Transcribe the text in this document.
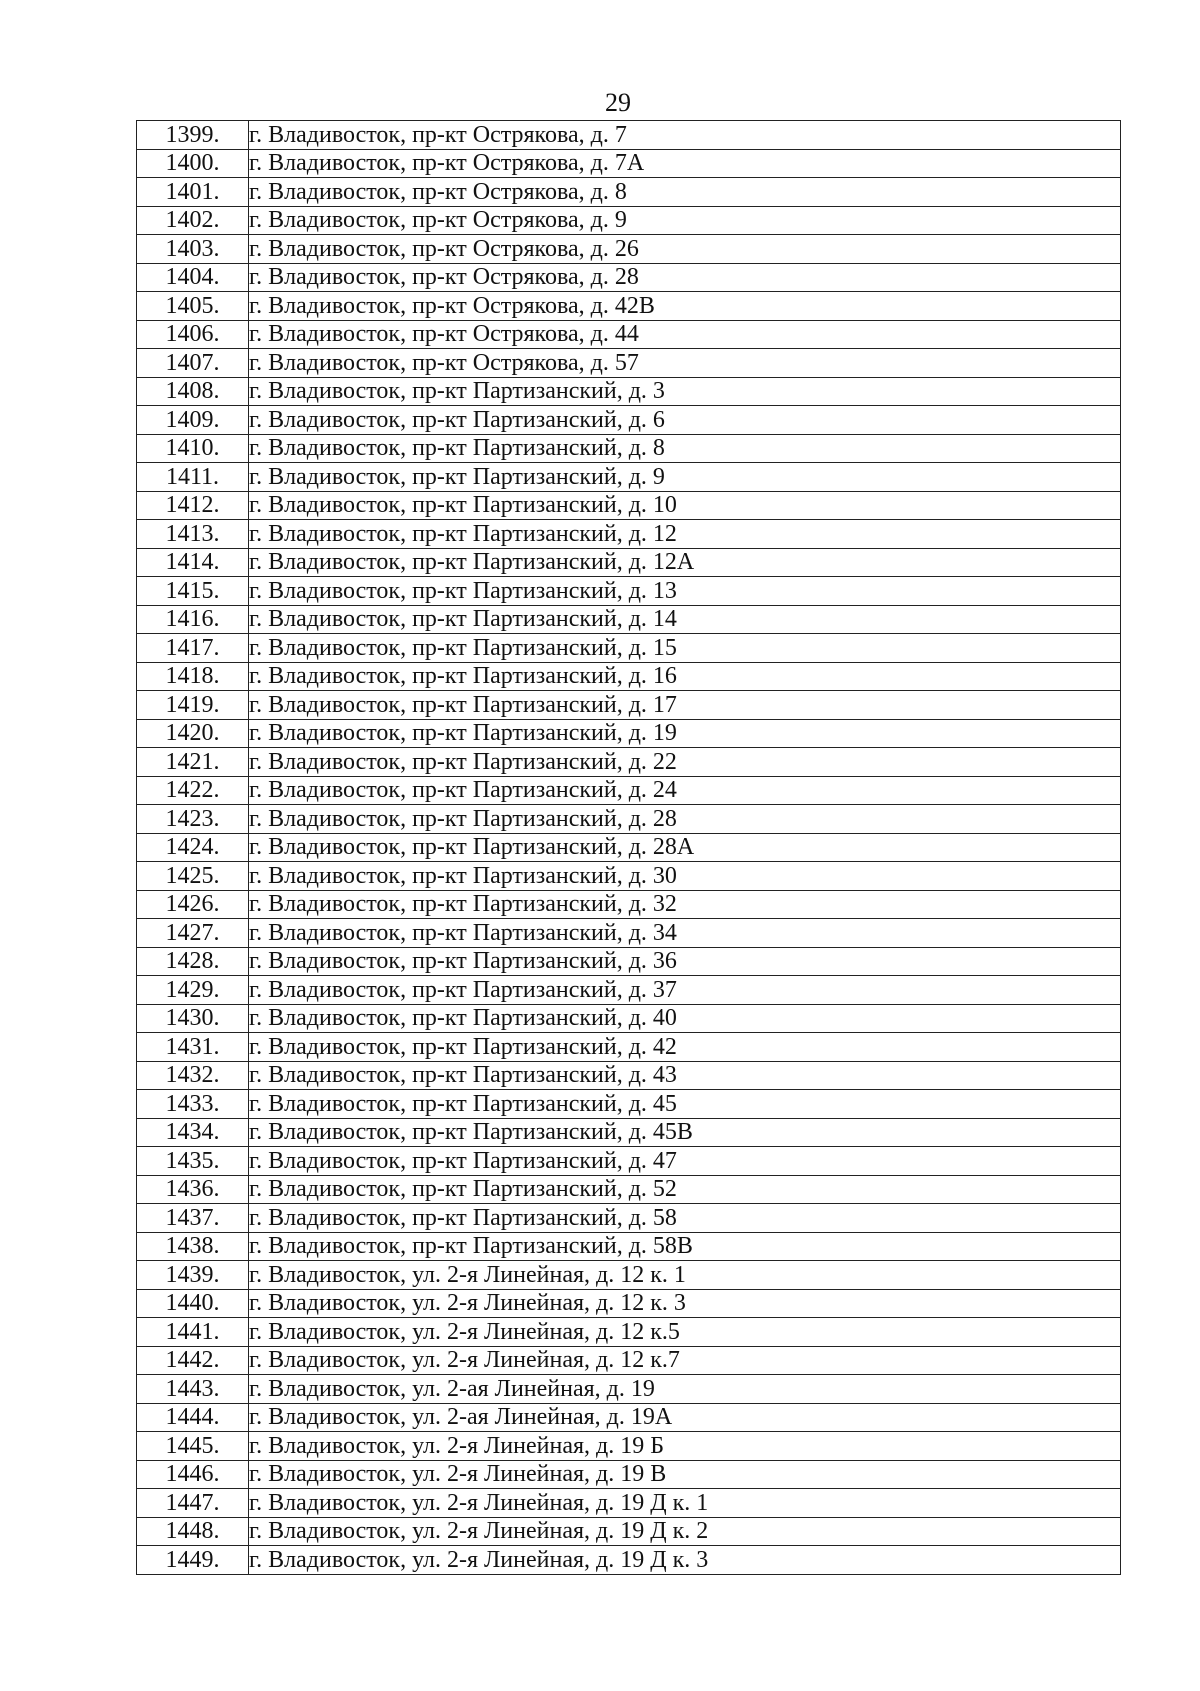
29
1399.	г. Владивосток, пр-кт Острякова, д. 7
1400.	г. Владивосток, пр-кт Острякова, д. 7А
1401.	г. Владивосток, пр-кт Острякова, д. 8
1402.	г. Владивосток, пр-кт Острякова, д. 9
1403.	г. Владивосток, пр-кт Острякова, д. 26
1404.	г. Владивосток, пр-кт Острякова, д. 28
1405.	г. Владивосток, пр-кт Острякова, д. 42В
1406.	г. Владивосток, пр-кт Острякова, д. 44
1407.	г. Владивосток, пр-кт Острякова, д. 57
1408.	г. Владивосток, пр-кт Партизанский, д. 3
1409.	г. Владивосток, пр-кт Партизанский, д. 6
1410.	г. Владивосток, пр-кт Партизанский, д. 8
1411.	г. Владивосток, пр-кт Партизанский, д. 9
1412.	г. Владивосток, пр-кт Партизанский, д. 10
1413.	г. Владивосток, пр-кт Партизанский, д. 12
1414.	г. Владивосток, пр-кт Партизанский, д. 12А
1415.	г. Владивосток, пр-кт Партизанский, д. 13
1416.	г. Владивосток, пр-кт Партизанский, д. 14
1417.	г. Владивосток, пр-кт Партизанский, д. 15
1418.	г. Владивосток, пр-кт Партизанский, д. 16
1419.	г. Владивосток, пр-кт Партизанский, д. 17
1420.	г. Владивосток, пр-кт Партизанский, д. 19
1421.	г. Владивосток, пр-кт Партизанский, д. 22
1422.	г. Владивосток, пр-кт Партизанский, д. 24
1423.	г. Владивосток, пр-кт Партизанский, д. 28
1424.	г. Владивосток, пр-кт Партизанский, д. 28А
1425.	г. Владивосток, пр-кт Партизанский, д. 30
1426.	г. Владивосток, пр-кт Партизанский, д. 32
1427.	г. Владивосток, пр-кт Партизанский, д. 34
1428.	г. Владивосток, пр-кт Партизанский, д. 36
1429.	г. Владивосток, пр-кт Партизанский, д. 37
1430.	г. Владивосток, пр-кт Партизанский, д. 40
1431.	г. Владивосток, пр-кт Партизанский, д. 42
1432.	г. Владивосток, пр-кт Партизанский, д. 43
1433.	г. Владивосток, пр-кт Партизанский, д. 45
1434.	г. Владивосток, пр-кт Партизанский, д. 45В
1435.	г. Владивосток, пр-кт Партизанский, д. 47
1436.	г. Владивосток, пр-кт Партизанский, д. 52
1437.	г. Владивосток, пр-кт Партизанский, д. 58
1438.	г. Владивосток, пр-кт Партизанский, д. 58В
1439.	г. Владивосток, ул. 2-я Линейная, д. 12 к. 1
1440.	г. Владивосток, ул. 2-я Линейная, д. 12 к. 3
1441.	г. Владивосток, ул. 2-я Линейная, д. 12 к.5
1442.	г. Владивосток, ул. 2-я Линейная, д. 12 к.7
1443.	г. Владивосток, ул. 2-ая Линейная, д. 19
1444.	г. Владивосток, ул. 2-ая Линейная, д. 19А
1445.	г. Владивосток, ул. 2-я Линейная, д. 19 Б
1446.	г. Владивосток, ул. 2-я Линейная, д. 19 В
1447.	г. Владивосток, ул. 2-я Линейная, д. 19 Д к. 1
1448.	г. Владивосток, ул. 2-я Линейная, д. 19 Д к. 2
1449.	г. Владивосток, ул. 2-я Линейная, д. 19 Д к. 3
